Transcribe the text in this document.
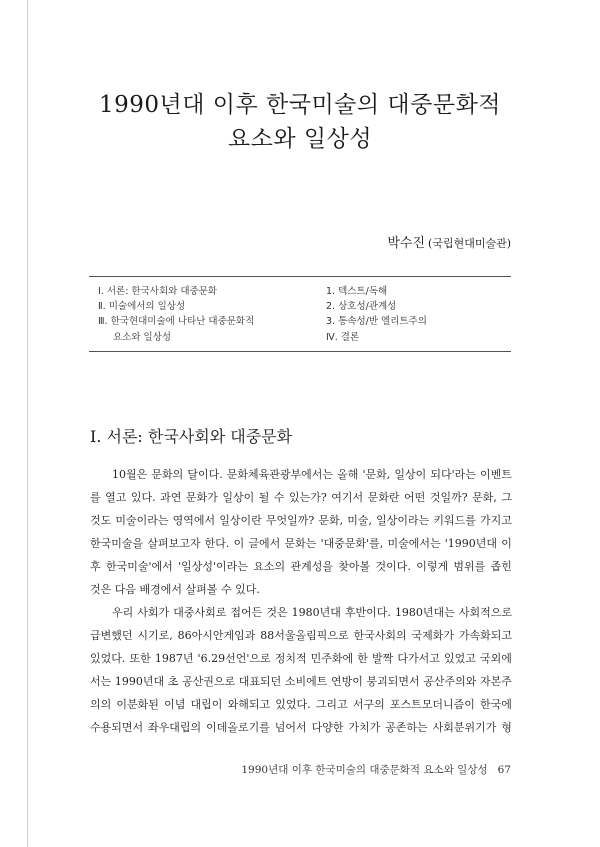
1990년대 이후 한국미술의 대중문화적
요소와 일상성
박수진 (국립현대미술관)
Ⅰ. 서론: 한국사회와 대중문화
Ⅱ. 미술에서의 일상성
Ⅲ. 한국현대미술에 나타난 대중문화적
요소와 일상성
1. 텍스트/독해
2. 상호성/관계성
3. 통속성/반 엘리트주의
Ⅳ. 결론
Ⅰ. 서론: 한국사회와 대중문화
10월은 문화의 달이다. 문화체육관광부에서는 올해 '문화, 일상이 되다'라는 이벤트
를 열고 있다. 과연 문화가 일상이 될 수 있는가? 여기서 문화란 어떤 것일까? 문화, 그
것도 미술이라는 영역에서 일상이란 무엇일까? 문화, 미술, 일상이라는 키워드를 가지고
한국미술을 살펴보고자 한다. 이 글에서 문화는 '대중문화'를, 미술에서는 '1990년대 이
후 한국미술'에서 '일상성'이라는 요소의 관계성을 찾아볼 것이다. 이렇게 범위를 좁힌
것은 다음 배경에서 살펴볼 수 있다.
우리 사회가 대중사회로 접어든 것은 1980년대 후반이다. 1980년대는 사회적으로
급변했던 시기로, 86아시안게임과 88서울올림픽으로 한국사회의 국제화가 가속화되고
있었다. 또한 1987년 '6.29선언'으로 정치적 민주화에 한 발짝 다가서고 있었고 국외에
서는 1990년대 초 공산권으로 대표되던 소비에트 연방이 붕괴되면서 공산주의와 자본주
의의 이분화된 이념 대립이 와해되고 있었다. 그리고 서구의 포스트모더니즘이 한국에
수용되면서 좌우대립의 이데올로기를 넘어서 다양한 가치가 공존하는 사회분위기가 형
1990년대 이후 한국미술의 대중문화적 요소와 일상성 67
